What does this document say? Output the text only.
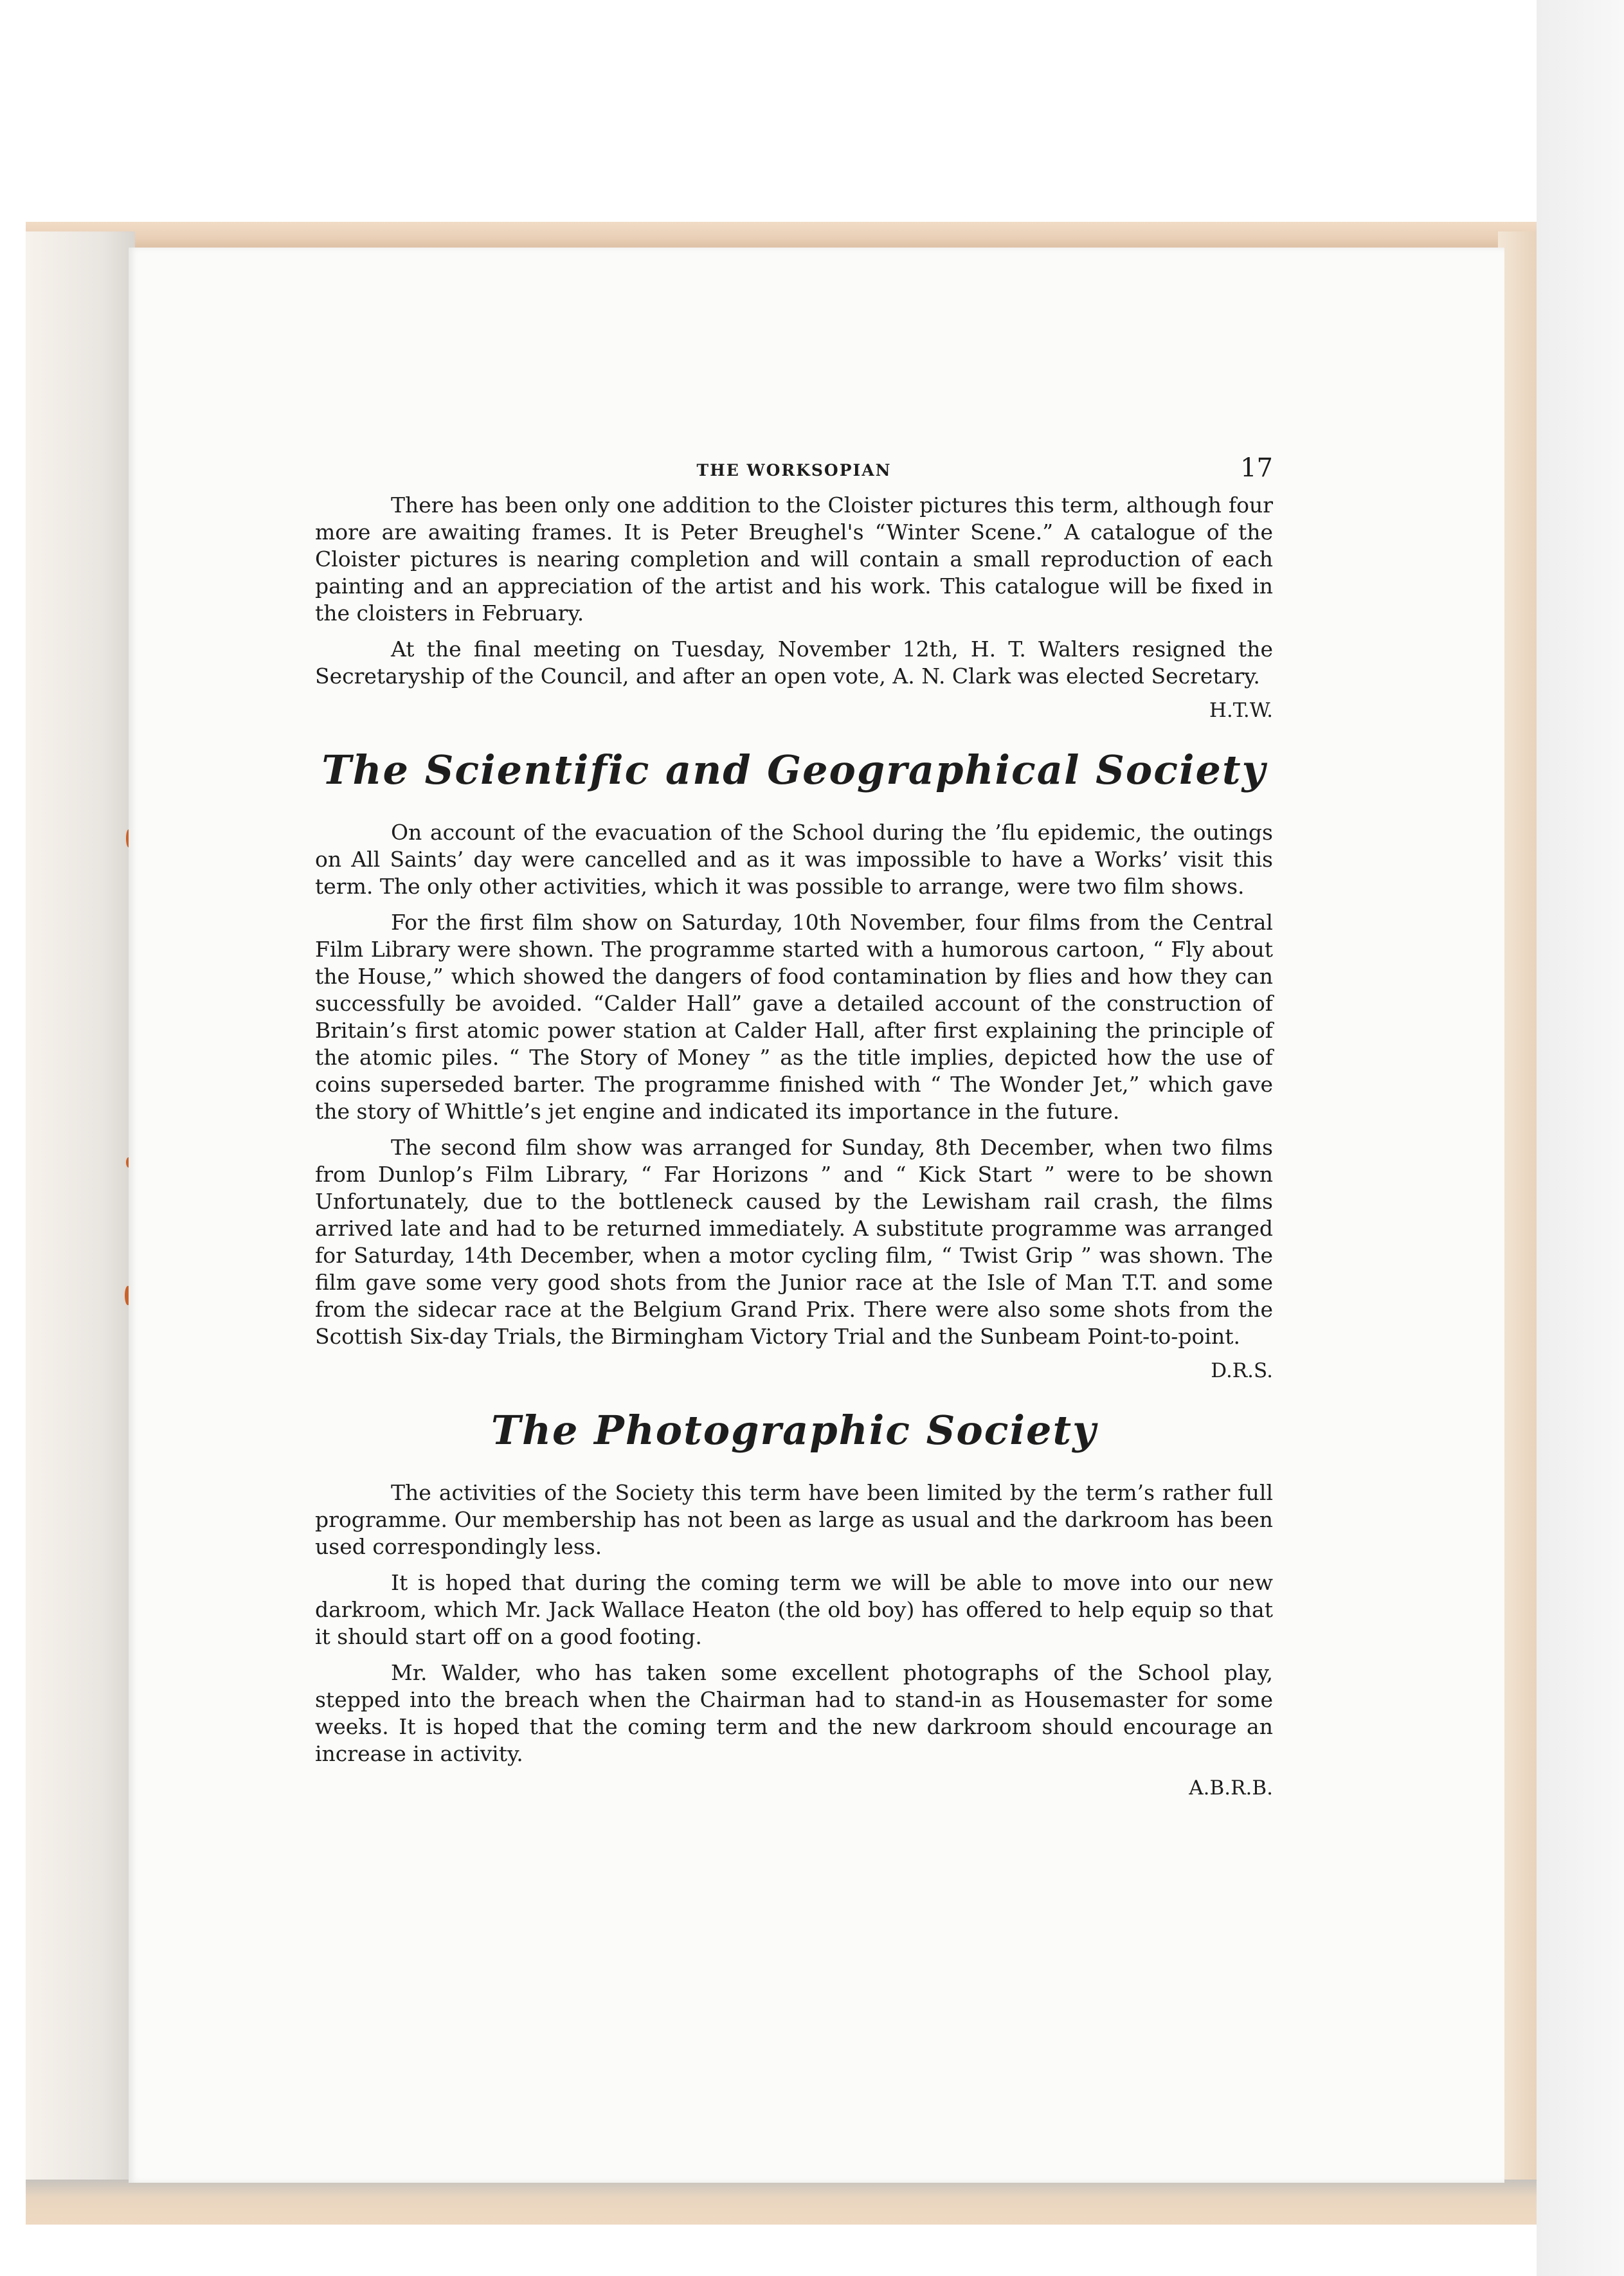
THE WORKSOPIAN	17

There has been only one addition to the Cloister pictures this term, although four more are awaiting frames. It is Peter Breughel's “Winter Scene.” A catalogue of the Cloister pictures is nearing completion and will contain a small reproduction of each painting and an appreciation of the artist and his work. This catalogue will be fixed in the cloisters in February.

At the final meeting on Tuesday, November 12th, H. T. Walters resigned the Secretaryship of the Council, and after an open vote, A. N. Clark was elected Secretary.

H.T.W.
The Scientific and Geographical Society

On account of the evacuation of the School during the ’flu epidemic, the outings on All Saints’ day were cancelled and as it was impossible to have a Works’ visit this term. The only other activities, which it was possible to arrange, were two film shows.

For the first film show on Saturday, 10th November, four films from the Central Film Library were shown. The programme started with a humorous cartoon, “ Fly about the House,” which showed the dangers of food contamination by flies and how they can successfully be avoided. “Calder Hall” gave a detailed account of the construction of Britain’s first atomic power station at Calder Hall, after first explaining the principle of the atomic piles. “ The Story of Money ” as the title implies, depicted how the use of coins superseded barter. The programme finished with “ The Wonder Jet,” which gave the story of Whittle’s jet engine and indicated its importance in the future.

The second film show was arranged for Sunday, 8th December, when two films from Dunlop’s Film Library, “ Far Horizons ” and “ Kick Start ” were to be shown Unfortunately, due to the bottleneck caused by the Lewisham rail crash, the films arrived late and had to be returned immediately. A substitute programme was arranged for Saturday, 14th December, when a motor cycling film, “ Twist Grip ” was shown. The film gave some very good shots from the Junior race at the Isle of Man T.T. and some from the sidecar race at the Belgium Grand Prix. There were also some shots from the Scottish Six-day Trials, the Birmingham Victory Trial and the Sunbeam Point-to-point.

D.R.S.
The Photographic Society

The activities of the Society this term have been limited by the term’s rather full programme. Our membership has not been as large as usual and the darkroom has been used correspondingly less.

It is hoped that during the coming term we will be able to move into our new darkroom, which Mr. Jack Wallace Heaton (the old boy) has offered to help equip so that it should start off on a good footing.

Mr. Walder, who has taken some excellent photographs of the School play, stepped into the breach when the Chairman had to stand-in as Housemaster for some weeks. It is hoped that the coming term and the new darkroom should encourage an increase in activity.

A.B.R.B.
